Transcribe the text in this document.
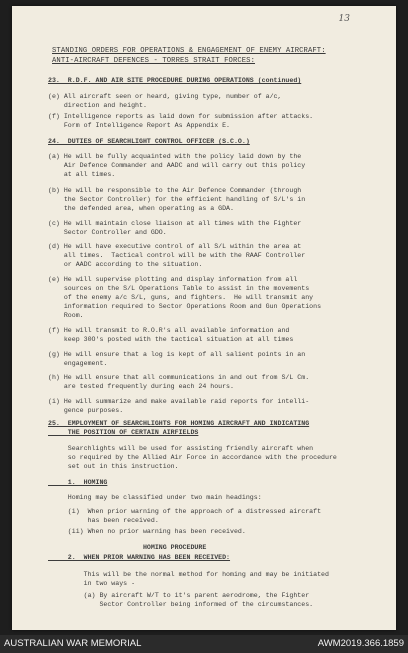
13
STANDING ORDERS FOR OPERATIONS & ENGAGEMENT OF ENEMY AIRCRAFT:
ANTI-AIRCRAFT DEFENCES - TORRES STRAIT FORCES:
23.  R.D.F. AND AIR SITE PROCEDURE DURING OPERATIONS (continued)
(e) All aircraft seen or heard, giving type, number of a/c,
direction and height.
(f) Intelligence reports as laid down for submission after attacks.
Form of Intelligence Report As Appendix E.
24.  DUTIES OF SEARCHLIGHT CONTROL OFFICER (S.C.O.)
(a) He will be fully acquainted with the policy laid down by the
Air Defence Commander and AADC and will carry out this policy
at all times.
(b) He will be responsible to the Air Defence Commander (through
the Sector Controller) for the efficient handling of S/L's in
the defended area, when operating as a GDA.
(c) He will maintain close liaison at all times with the Fighter
Sector Controller and GDO.
(d) He will have executive control of all S/L within the area at
all times.  Tactical control will be with the RAAF Controller
or AADC according to the situation.
(e) He will supervise plotting and display information from all
sources on the S/L Operations Table to assist in the movements
of the enemy a/c S/L, guns, and fighters.  He will transmit any
information required to Sector Operations Room and Gun Operations
Room.
(f) He will transmit to R.O.R's all available information and
keep 30O's posted with the tactical situation at all times
(g) He will ensure that a log is kept of all salient points in an
engagement.
(h) He will ensure that all communications in and out from S/L Cm.
are tested frequently during each 24 hours.
(i) He will summarize and make available raid reports for intelli-
gence purposes.
25.  EMPLOYMENT OF SEARCHLIGHTS FOR HOMING AIRCRAFT AND INDICATING
THE POSITION OF CERTAIN AIRFIELDS
Searchlights will be used for assisting friendly aircraft when
so required by the Allied Air Force in accordance with the procedure
set out in this instruction.
1.  HOMING
Homing may be classified under two main headings:
(i)  When prior warning of the approach of a distressed aircraft
has been received.
(ii) When no prior warning has been received.
HOMING PROCEDURE
2.  WHEN PRIOR WARNING HAS BEEN RECEIVED:
This will be the normal method for homing and may be initiated
in two ways -
(a) By aircraft W/T to it's parent aerodrome, the Fighter
Sector Controller being informed of the circumstances.
AUSTRALIAN WAR MEMORIAL	AWM2019.366.1859
